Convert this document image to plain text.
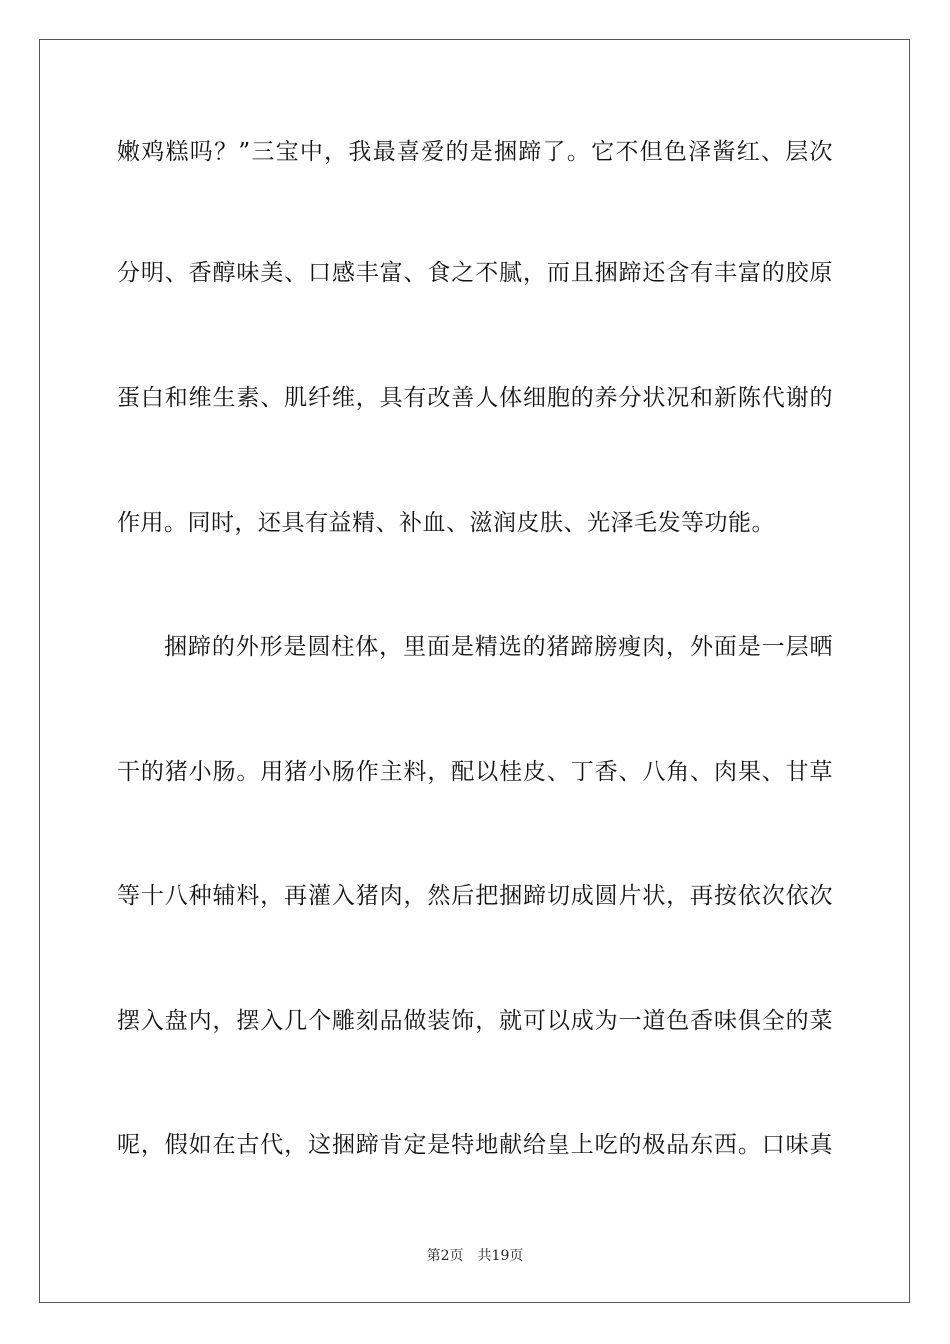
嫩鸡糕吗？”三宝中，我最喜爱的是捆蹄了。它不但色泽酱红、层次
分明、香醇味美、口感丰富、食之不腻，而且捆蹄还含有丰富的胶原
蛋白和维生素、肌纤维，具有改善人体细胞的养分状况和新陈代谢的
作用。同时，还具有益精、补血、滋润皮肤、光泽毛发等功能。
捆蹄的外形是圆柱体，里面是精选的猪蹄膀瘦肉，外面是一层晒
干的猪小肠。用猪小肠作主料，配以桂皮、丁香、八角、肉果、甘草
等十八种辅料，再灌入猪肉，然后把捆蹄切成圆片状，再按依次依次
摆入盘内，摆入几个雕刻品做装饰，就可以成为一道色香味俱全的菜
呢，假如在古代，这捆蹄肯定是特地献给皇上吃的极品东西。口味真
第2页 共19页
